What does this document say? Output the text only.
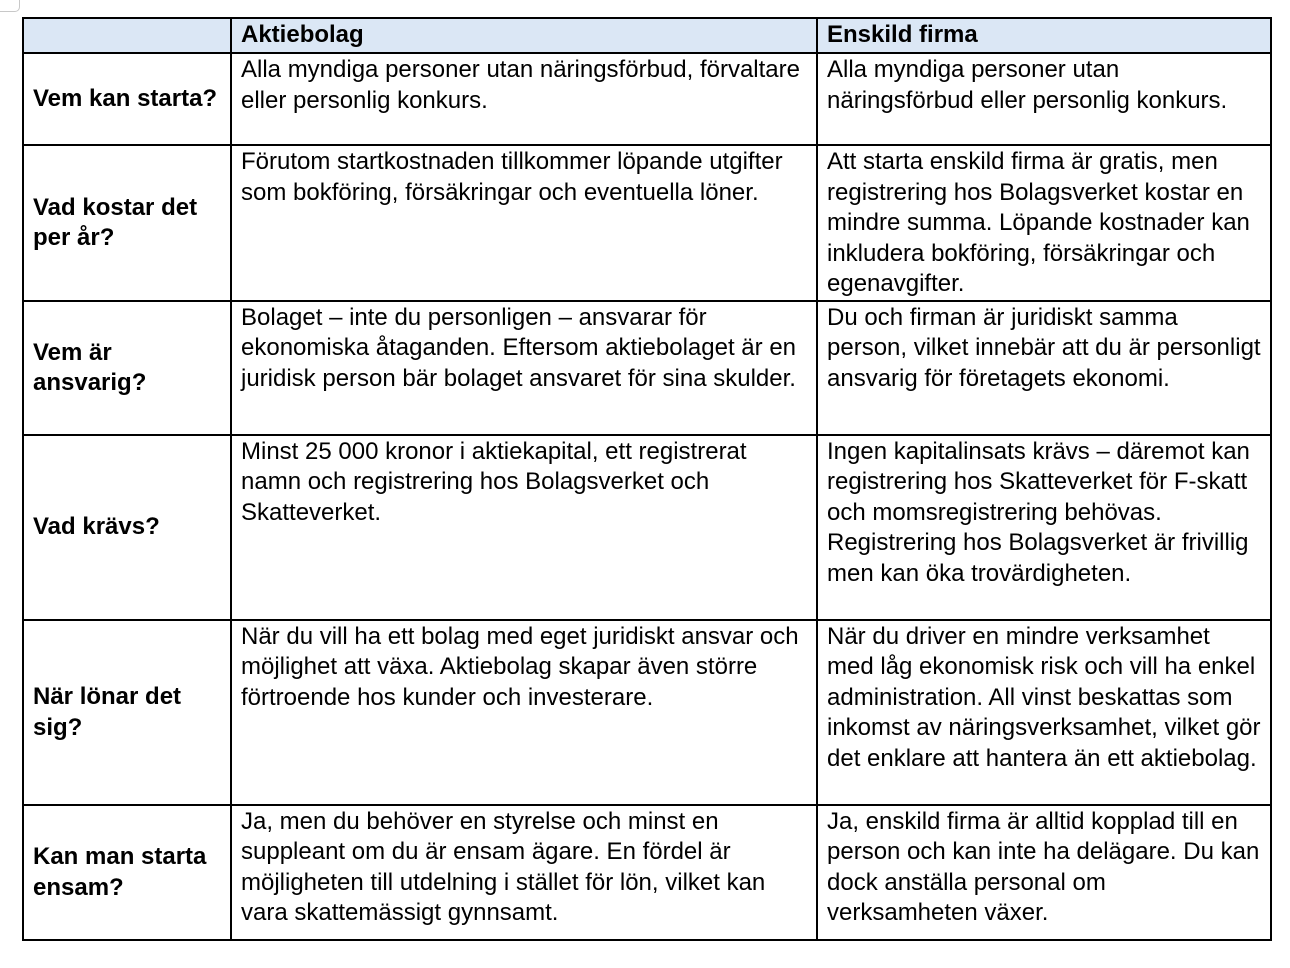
	Aktiebolag	Enskild firma
Vem kan starta?	Alla myndiga personer utan näringsförbud, förvaltare eller personlig konkurs.	Alla myndiga personer utan näringsförbud eller personlig konkurs.
Vad kostar det per år?	Förutom startkostnaden tillkommer löpande utgifter som bokföring, försäkringar och eventuella löner.	Att starta enskild firma är gratis, men registrering hos Bolagsverket kostar en mindre summa. Löpande kostnader kan inkludera bokföring, försäkringar och egenavgifter.
Vem är ansvarig?	Bolaget – inte du personligen – ansvarar för ekonomiska åtaganden. Eftersom aktiebolaget är en juridisk person bär bolaget ansvaret för sina skulder.	Du och firman är juridiskt samma person, vilket innebär att du är personligt ansvarig för företagets ekonomi.
Vad krävs?	Minst 25 000 kronor i aktiekapital, ett registrerat namn och registrering hos Bolagsverket och Skatteverket.	Ingen kapitalinsats krävs – däremot kan registrering hos Skatteverket för F-skatt och momsregistrering behövas. Registrering hos Bolagsverket är frivillig men kan öka trovärdigheten.
När lönar det sig?	När du vill ha ett bolag med eget juridiskt ansvar och möjlighet att växa. Aktiebolag skapar även större förtroende hos kunder och investerare.	När du driver en mindre verksamhet med låg ekonomisk risk och vill ha enkel administration. All vinst beskattas som inkomst av näringsverksamhet, vilket gör det enklare att hantera än ett aktiebolag.
Kan man starta ensam?	Ja, men du behöver en styrelse och minst en suppleant om du är ensam ägare. En fördel är möjligheten till utdelning i stället för lön, vilket kan vara skattemässigt gynnsamt.	Ja, enskild firma är alltid kopplad till en person och kan inte ha delägare. Du kan dock anställa personal om verksamheten växer.
